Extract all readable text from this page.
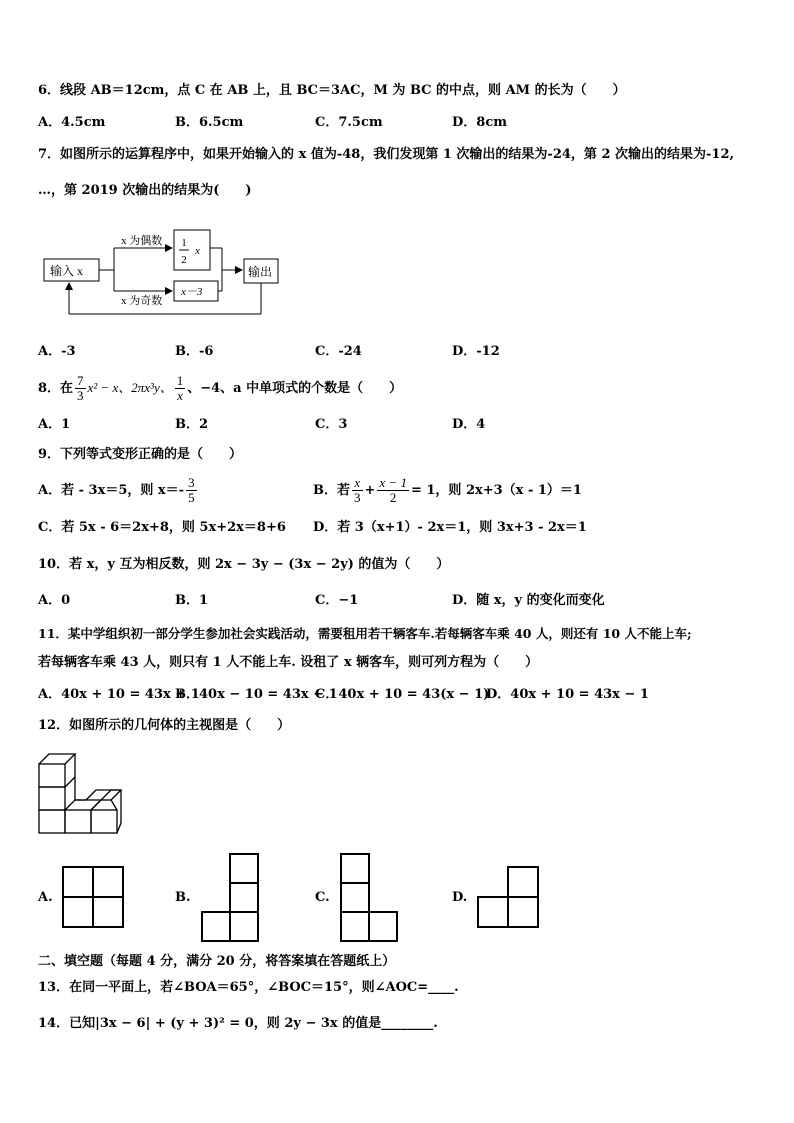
6．线段 AB＝12cm，点 C 在 AB 上，且 BC＝3AC，M 为 BC 的中点，则 AM 的长为（　　）
A．4.5cm	B．6.5cm	C．7.5cm	D．8cm
7．如图所示的运算程序中，如果开始输入的 x 值为-48，我们发现第 1 次输出的结果为-24，第 2 次输出的结果为-12,
…，第 2019 次输出的结果为(　　)
输入 x
x 为偶数
x 为奇数
1
2
x
x－3
输出
A．-3	B．-6	C．-24	D．-12
8．在 $\frac{7}{3} x^2 - x$、2πx³y、 $\frac{1}{x}$ 、−4、a 中单项式的个数是（　　）
A．1	B．2	C．3	D．4
9．下列等式变形正确的是（　　）
A．若 - 3x＝5，则 $x=- \frac{3}{5}$	B．若 $\frac{x}{3} + \frac{x - 1}{2} = 1$，则 2x+3（x - 1）＝1
C．若 5x - 6＝2x+8，则 5x+2x＝8+6 D．若 3（x+1）- 2x＝1，则 3x+3 - 2x＝1
10．若 x，y 互为相反数，则 2x − 3y − (3x − 2y) 的值为（　　）
A．0	B．1	C．−1	D．随 x，y 的变化而变化
11．某中学组织初一部分学生参加社会实践活动，需要租用若干辆客车.若每辆客车乘 40 人，则还有 10 人不能上车;
若每辆客车乘 43 人，则只有 1 人不能上车. 设租了 x 辆客车，则可列方程为（　　）
A．40x + 10 = 43x + 1
B．40x − 10 = 43x − 1
C．40x + 10 = 43(x − 1)
D．40x + 10 = 43x − 1
12．如图所示的几何体的主视图是（　　）
A.	B.	C.	D.
二、填空题（每题 4 分，满分 20 分，将答案填在答题纸上）
13．在同一平面上，若∠BOA＝65°，∠BOC＝15°，则∠AOC=____.
14．已知|3x − 6| + (y + 3)² = 0，则 2y − 3x 的值是________.
